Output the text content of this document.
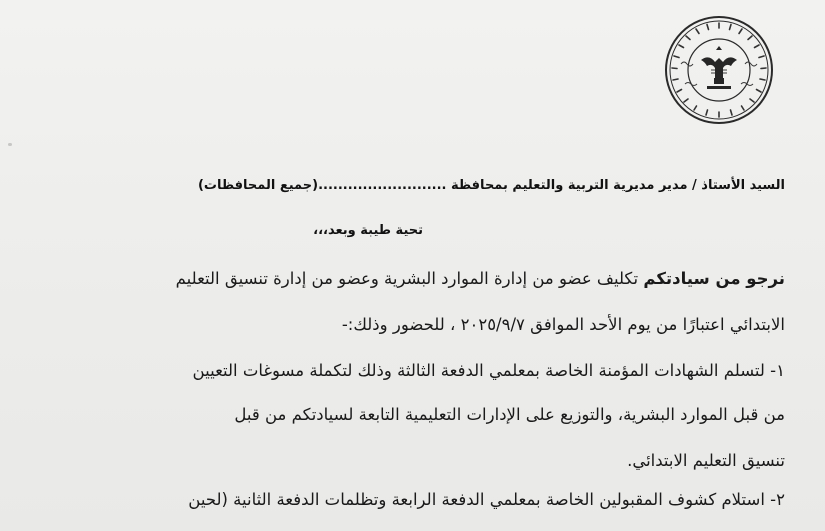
السيد الأستاذ / مدير مديرية التربية والتعليم بمحافظة ..........................(جميع المحافظات)
تحية طيبة وبعد،،،
نرجو من سيادتكم تكليف عضو من إدارة الموارد البشرية وعضو من إدارة تنسيق التعليم
الابتدائي اعتبارًا من يوم الأحد الموافق ٢٠٢٥/٩/٧ ، للحضور وذلك:-
١- لتسلم الشهادات المؤمنة الخاصة بمعلمي الدفعة الثالثة وذلك لتكملة مسوغات التعيين
من قبل الموارد البشرية، والتوزيع على الإدارات التعليمية التابعة لسيادتكم من قبل
تنسيق التعليم الابتدائي.
٢- استلام كشوف المقبولين الخاصة بمعلمي الدفعة الرابعة وتظلمات الدفعة الثانية (لحين
